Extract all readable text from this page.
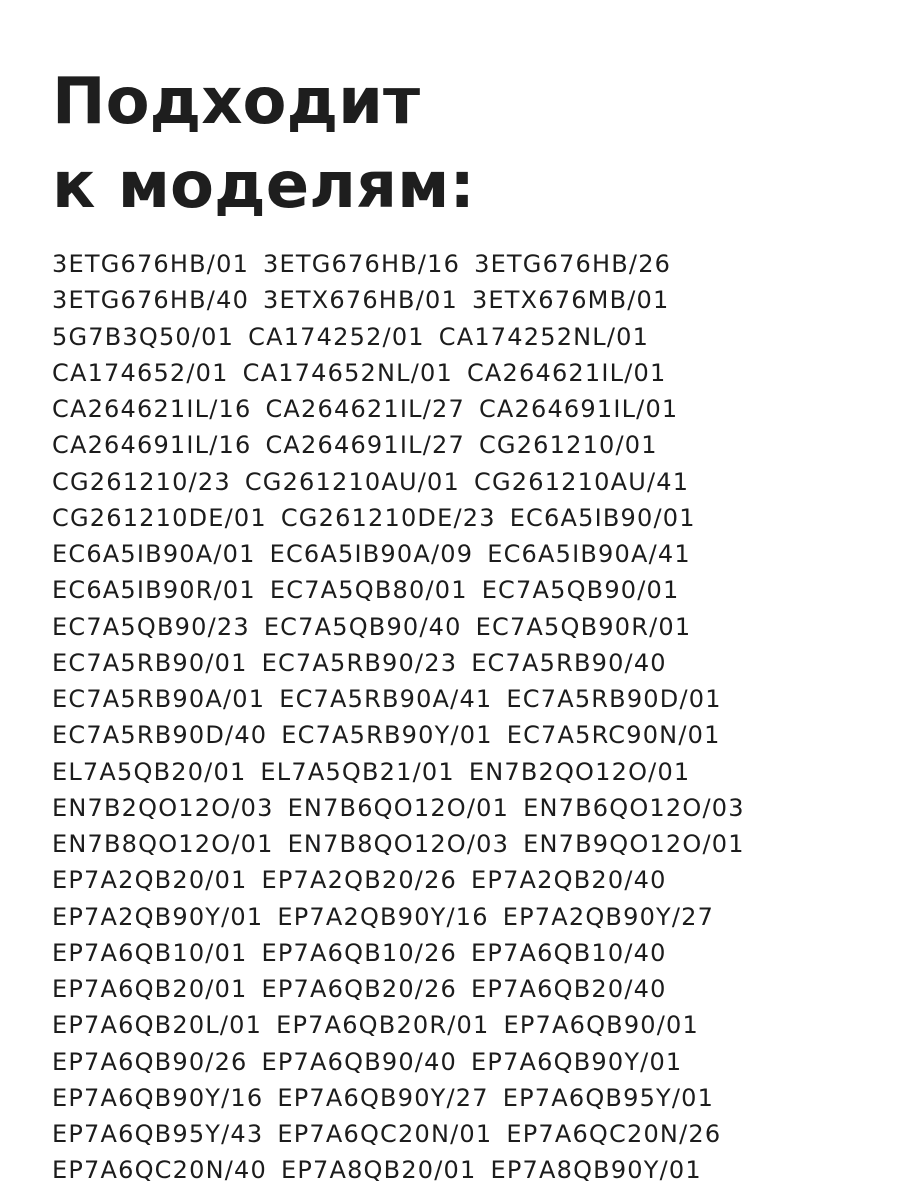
Подходит
к моделям:
3ETG676HB/01 3ETG676HB/16 3ETG676HB/26
3ETG676HB/40 3ETX676HB/01 3ETX676MB/01
5G7B3Q50/01 CA174252/01 CA174252NL/01
CA174652/01 CA174652NL/01 CA264621IL/01
CA264621IL/16 CA264621IL/27 CA264691IL/01
CA264691IL/16 CA264691IL/27 CG261210/01
CG261210/23 CG261210AU/01 CG261210AU/41
CG261210DE/01 CG261210DE/23 EC6A5IB90/01
EC6A5IB90A/01 EC6A5IB90A/09 EC6A5IB90A/41
EC6A5IB90R/01 EC7A5QB80/01 EC7A5QB90/01
EC7A5QB90/23 EC7A5QB90/40 EC7A5QB90R/01
EC7A5RB90/01 EC7A5RB90/23 EC7A5RB90/40
EC7A5RB90A/01 EC7A5RB90A/41 EC7A5RB90D/01
EC7A5RB90D/40 EC7A5RB90Y/01 EC7A5RC90N/01
EL7A5QB20/01 EL7A5QB21/01 EN7B2QO12O/01
EN7B2QO12O/03 EN7B6QO12O/01 EN7B6QO12O/03
EN7B8QO12O/01 EN7B8QO12O/03 EN7B9QO12O/01
EP7A2QB20/01 EP7A2QB20/26 EP7A2QB20/40
EP7A2QB90Y/01 EP7A2QB90Y/16 EP7A2QB90Y/27
EP7A6QB10/01 EP7A6QB10/26 EP7A6QB10/40
EP7A6QB20/01 EP7A6QB20/26 EP7A6QB20/40
EP7A6QB20L/01 EP7A6QB20R/01 EP7A6QB90/01
EP7A6QB90/26 EP7A6QB90/40 EP7A6QB90Y/01
EP7A6QB90Y/16 EP7A6QB90Y/27 EP7A6QB95Y/01
EP7A6QB95Y/43 EP7A6QC20N/01 EP7A6QC20N/26
EP7A6QC20N/40 EP7A8QB20/01 EP7A8QB90Y/01
